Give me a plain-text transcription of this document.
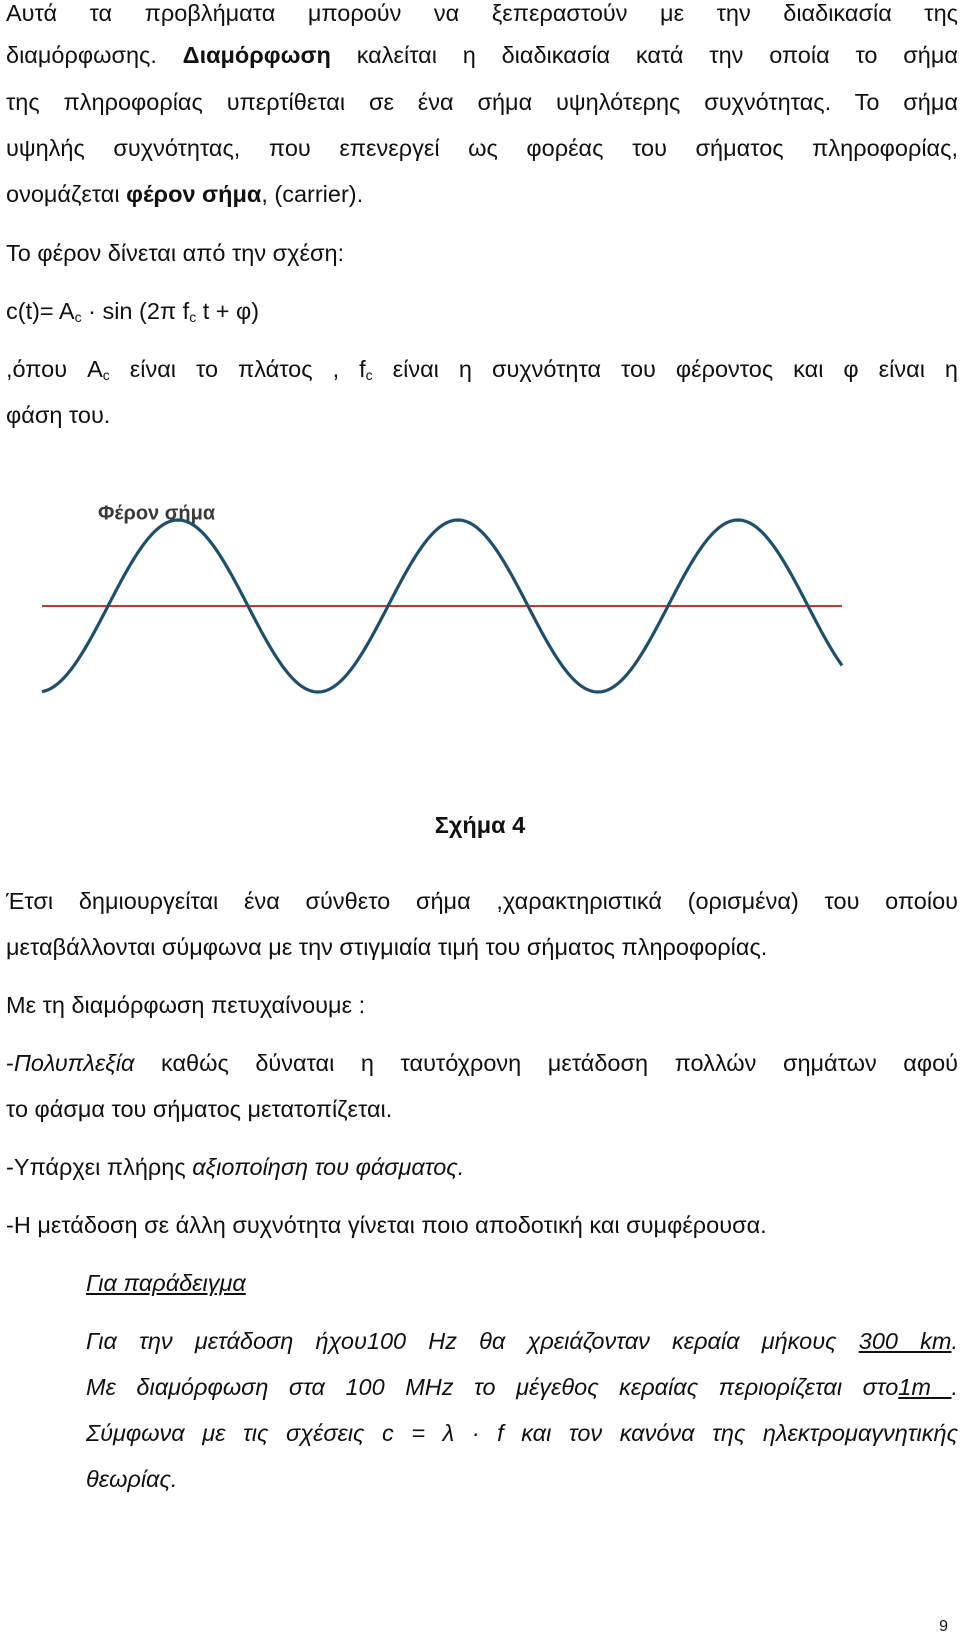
Αυτά τα προβλήματα μπορούν να ξεπεραστούν με την διαδικασία της
διαμόρφωσης. Διαμόρφωση καλείται η διαδικασία κατά την οποία το σήμα
της πληροφορίας υπερτίθεται σε ένα σήμα υψηλότερης συχνότητας. Το σήμα
υψηλής συχνότητας, που επενεργεί ως φορέας του σήματος πληροφορίας,
ονομάζεται φέρον σήμα, (carrier).
Το φέρον δίνεται από την σχέση:
$c(t)= A_c \cdot \sin (2\pi$ $f_c$ t + φ)
,όπου $A_c$ είναι το πλάτος , $f_c$ είναι η συχνότητα του φέροντος και φ είναι η
φάση του.
Φέρον σήμα
Σχήμα 4
Έτσι δημιουργείται ένα σύνθετο σήμα ,χαρακτηριστικά (ορισμένα) του οποίου
μεταβάλλονται σύμφωνα με την στιγμιαία τιμή του σήματος πληροφορίας.
Με τη διαμόρφωση πετυχαίνουμε :
-Πολυπλεξία καθώς δύναται η ταυτόχρονη μετάδοση πολλών σημάτων αφού
το φάσμα του σήματος μετατοπίζεται.
-Υπάρχει πλήρης αξιοποίηση του φάσματος.
-Η μετάδοση σε άλλη συχνότητα γίνεται ποιο αποδοτική και συμφέρουσα.
Για παράδειγμα
Για την μετάδοση ήχου100 Hz θα χρειάζονταν κεραία μήκους 300 km.
Με διαμόρφωση στα 100 MHz το μέγεθος κεραίας περιορίζεται στο1m .
Σύμφωνα με τις σχέσεις c = λ · f και τον κανόνα της ηλεκτρομαγνητικής
θεωρίας.
9
